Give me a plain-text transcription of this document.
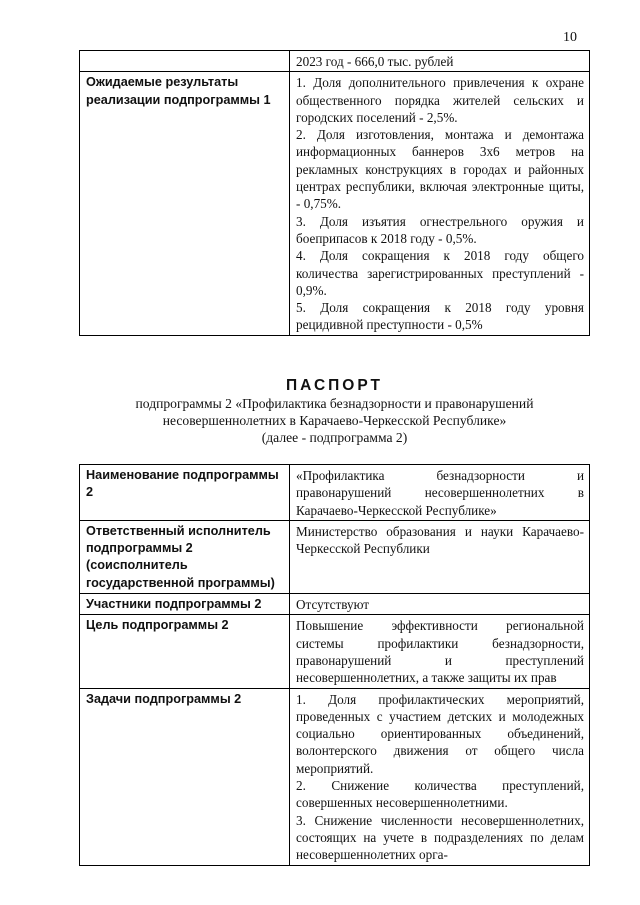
10
	2023 год - 666,0 тыс. рублей
Ожидаемые результаты реализации подпрограммы 1	1. Доля дополнительного привлечения к охране общественного порядка жителей сельских и городских поселений - 2,5%.
2. Доля изготовления, монтажа и демонтажа информационных баннеров 3х6 метров на рекламных конструкциях в городах и районных центрах республики, включая электронные щиты, - 0,75%.
3. Доля изъятия огнестрельного оружия и боеприпасов к 2018 году - 0,5%.
4. Доля сокращения к 2018 году общего количества зарегистрированных преступлений - 0,9%.
5. Доля сокращения к 2018 году уровня рецидивной преступности - 0,5%
ПАСПОРТ
подпрограммы 2 «Профилактика безнадзорности и правонарушений
несовершеннолетних в Карачаево-Черкесской Республике»
(далее - подпрограмма 2)
Наименование подпрограммы 2	«Профилактика безнадзорности и правонарушений несовершеннолетних в Карачаево-Черкесской Республике»
Ответственный исполнитель подпрограммы 2 (соисполнитель государственной программы)	Министерство образования и науки Карачаево-Черкесской Республики
Участники подпрограммы 2	Отсутствуют
Цель подпрограммы 2	Повышение эффективности региональной системы профилактики безнадзорности, правонарушений и преступлений несовершеннолетних, а также защиты их прав
Задачи подпрограммы 2	1. Доля профилактических мероприятий, проведенных с участием детских и молодежных социально ориентированных объединений, волонтерского движения от общего числа мероприятий.
2. Снижение количества преступлений, совершенных несовершеннолетними.
3. Снижение численности несовершеннолетних, состоящих на учете в подразделениях по делам несовершеннолетних орга-
